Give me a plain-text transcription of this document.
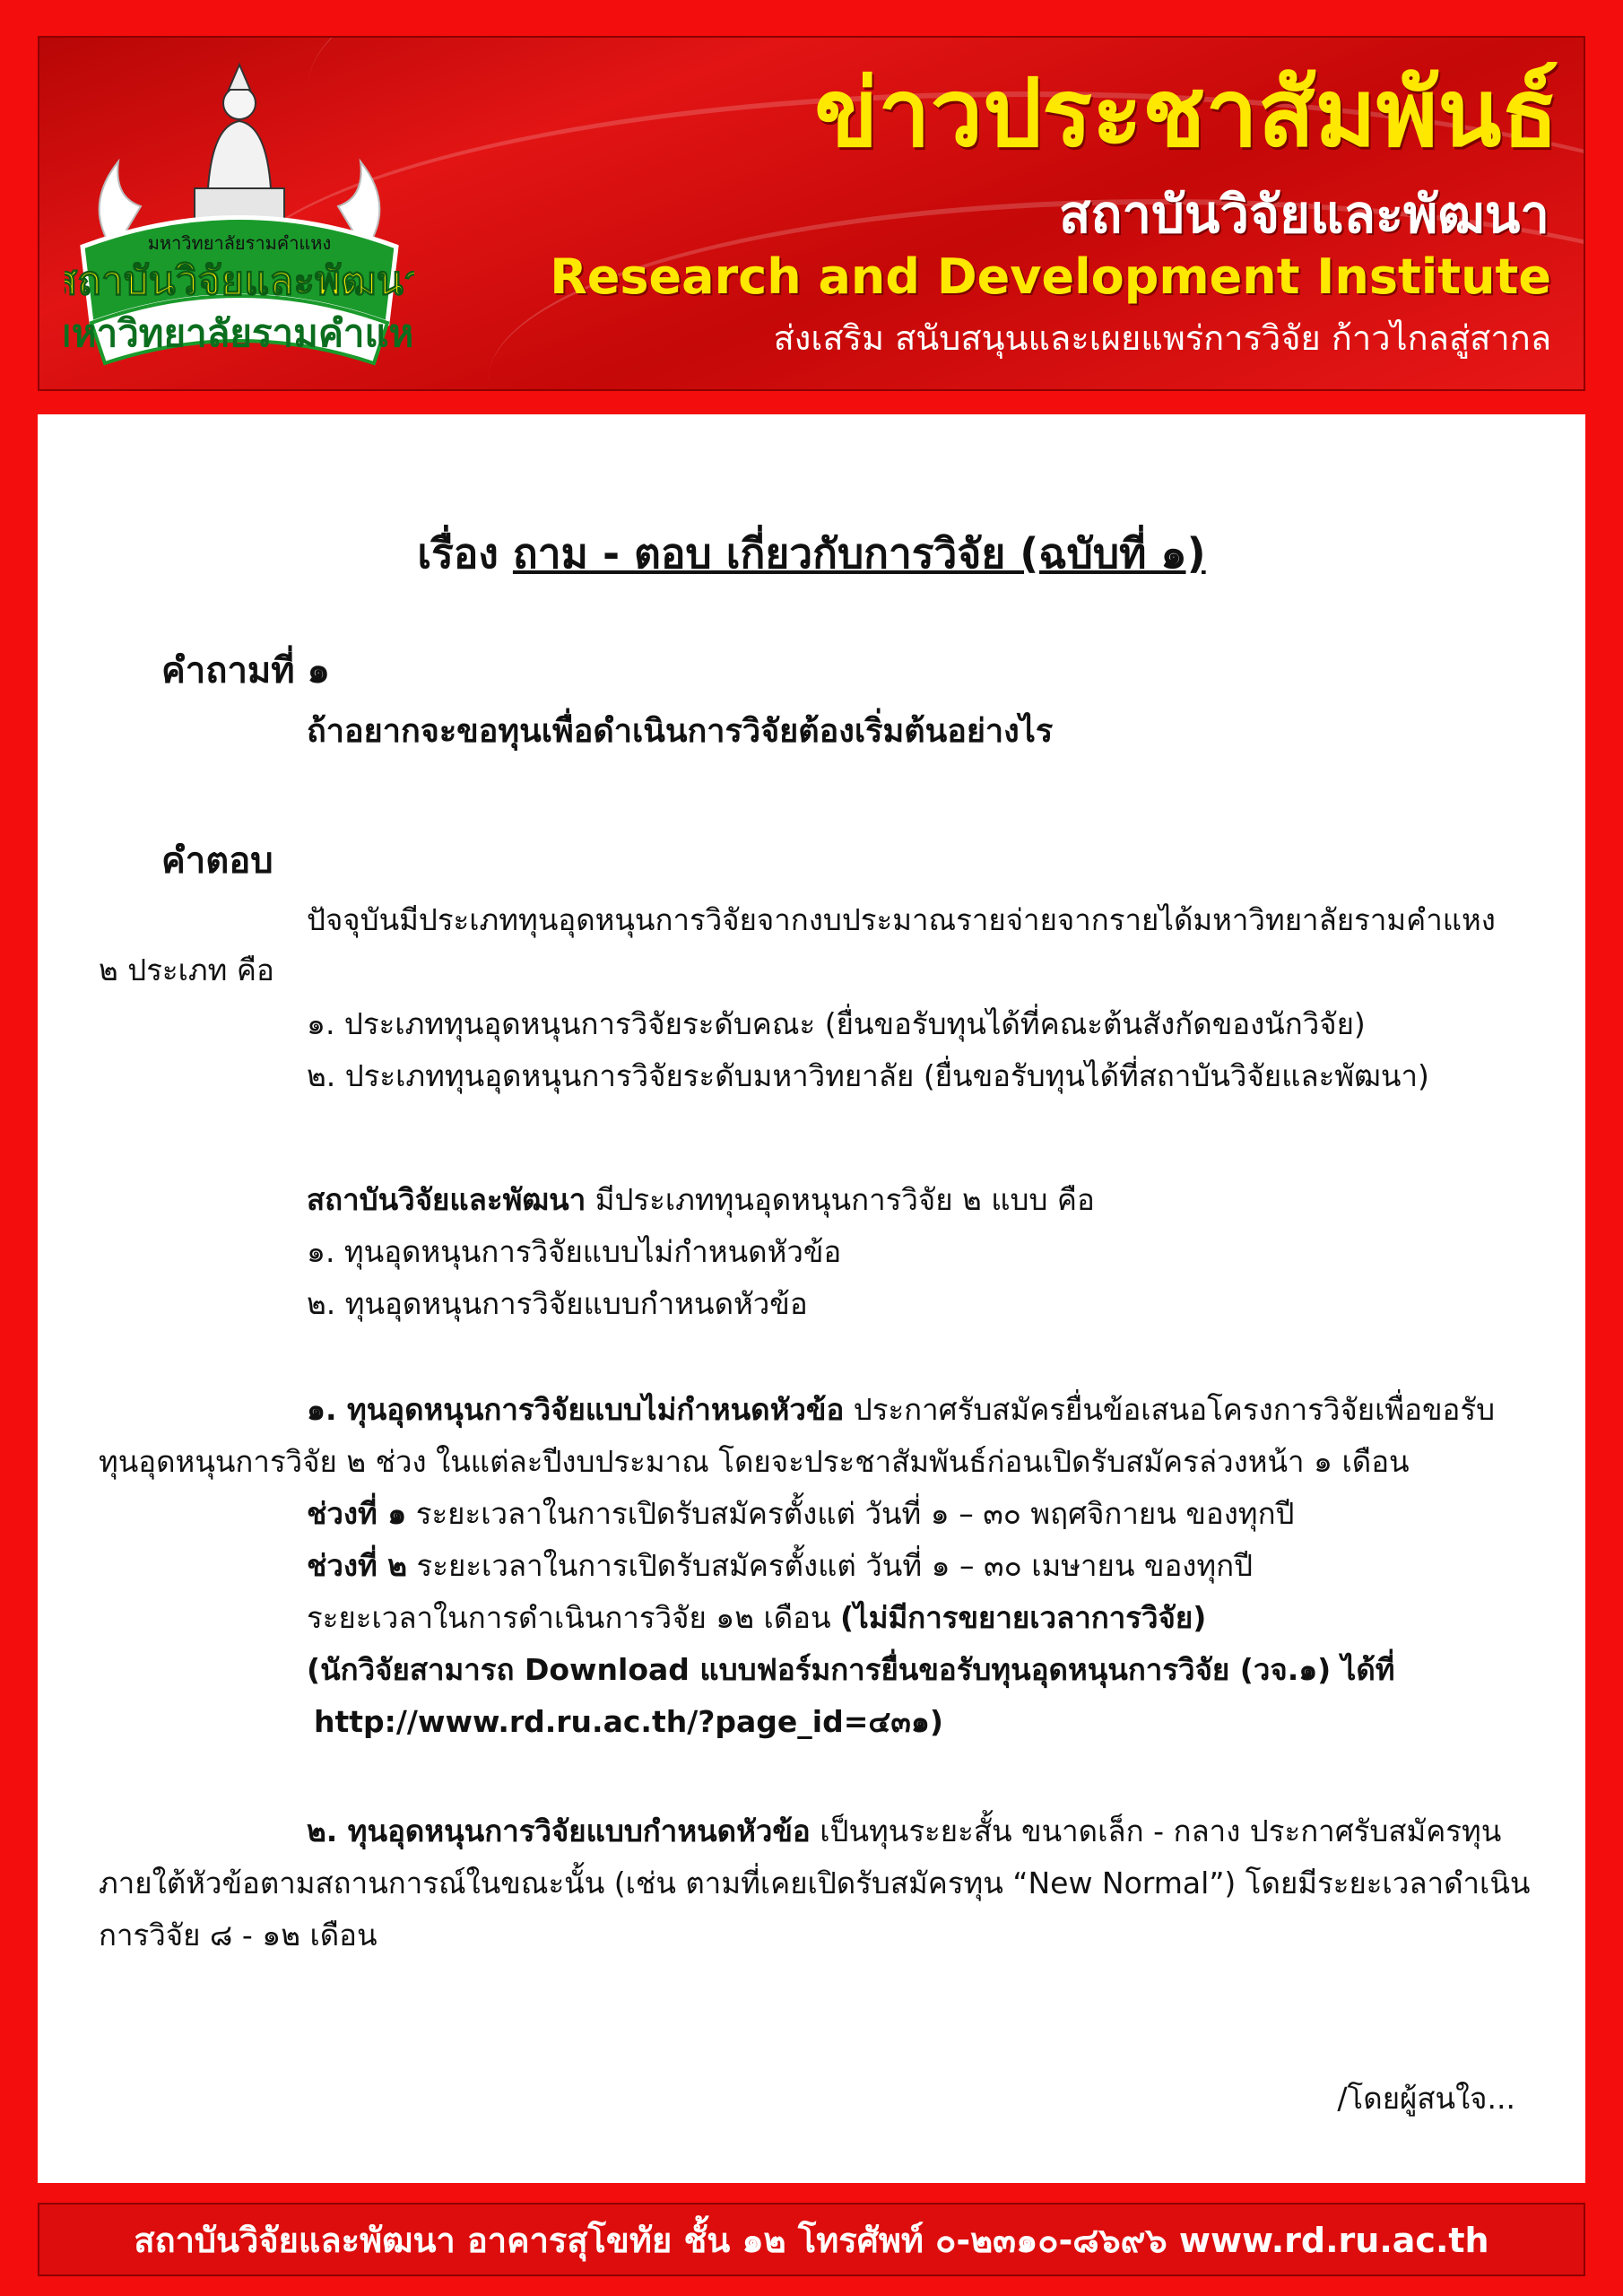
มหาวิทยาลัยรามคำแหง
สถาบันวิจัยและพัฒนา
มหาวิทยาลัยรามคำแหง
ข่าวประชาสัมพันธ์
สถาบันวิจัยและพัฒนา
Research and Development Institute
ส่งเสริม สนับสนุนและเผยแพร่การวิจัย ก้าวไกลสู่สากล

เรื่อง ถาม - ตอบ เกี่ยวกับการวิจัย (ฉบับที่ ๑)

คำถามที่ ๑

ถ้าอยากจะขอทุนเพื่อดำเนินการวิจัยต้องเริ่มต้นอย่างไร

คำตอบ

ปัจจุบันมีประเภททุนอุดหนุนการวิจัยจากงบประมาณรายจ่ายจากรายได้มหาวิทยาลัยรามคำแหง

๒ ประเภท คือ

๑. ประเภททุนอุดหนุนการวิจัยระดับคณะ (ยื่นขอรับทุนได้ที่คณะต้นสังกัดของนักวิจัย)

๒. ประเภททุนอุดหนุนการวิจัยระดับมหาวิทยาลัย (ยื่นขอรับทุนได้ที่สถาบันวิจัยและพัฒนา)

สถาบันวิจัยและพัฒนา มีประเภททุนอุดหนุนการวิจัย ๒ แบบ คือ

๑. ทุนอุดหนุนการวิจัยแบบไม่กำหนดหัวข้อ

๒. ทุนอุดหนุนการวิจัยแบบกำหนดหัวข้อ

๑. ทุนอุดหนุนการวิจัยแบบไม่กำหนดหัวข้อ ประกาศรับสมัครยื่นข้อเสนอโครงการวิจัยเพื่อขอรับ

ทุนอุดหนุนการวิจัย ๒ ช่วง ในแต่ละปีงบประมาณ โดยจะประชาสัมพันธ์ก่อนเปิดรับสมัครล่วงหน้า ๑ เดือน

ช่วงที่ ๑ ระยะเวลาในการเปิดรับสมัครตั้งแต่ วันที่ ๑ – ๓๐ พฤศจิกายน ของทุกปี

ช่วงที่ ๒ ระยะเวลาในการเปิดรับสมัครตั้งแต่ วันที่ ๑ – ๓๐ เมษายน ของทุกปี

ระยะเวลาในการดำเนินการวิจัย ๑๒ เดือน (ไม่มีการขยายเวลาการวิจัย)

(นักวิจัยสามารถ Download แบบฟอร์มการยื่นขอรับทุนอุดหนุนการวิจัย (วจ.๑) ได้ที่

http://www.rd.ru.ac.th/?page_id=๔๓๑)

๒. ทุนอุดหนุนการวิจัยแบบกำหนดหัวข้อ เป็นทุนระยะสั้น ขนาดเล็ก - กลาง ประกาศรับสมัครทุน

ภายใต้หัวข้อตามสถานการณ์ในขณะนั้น (เช่น ตามที่เคยเปิดรับสมัครทุน “New Normal”) โดยมีระยะเวลาดำเนิน

การวิจัย ๘ - ๑๒ เดือน

/โดยผู้สนใจ...

สถาบันวิจัยและพัฒนา อาคารสุโขทัย ชั้น ๑๒ โทรศัพท์ ๐-๒๓๑๐-๘๖๙๖ www.rd.ru.ac.th
